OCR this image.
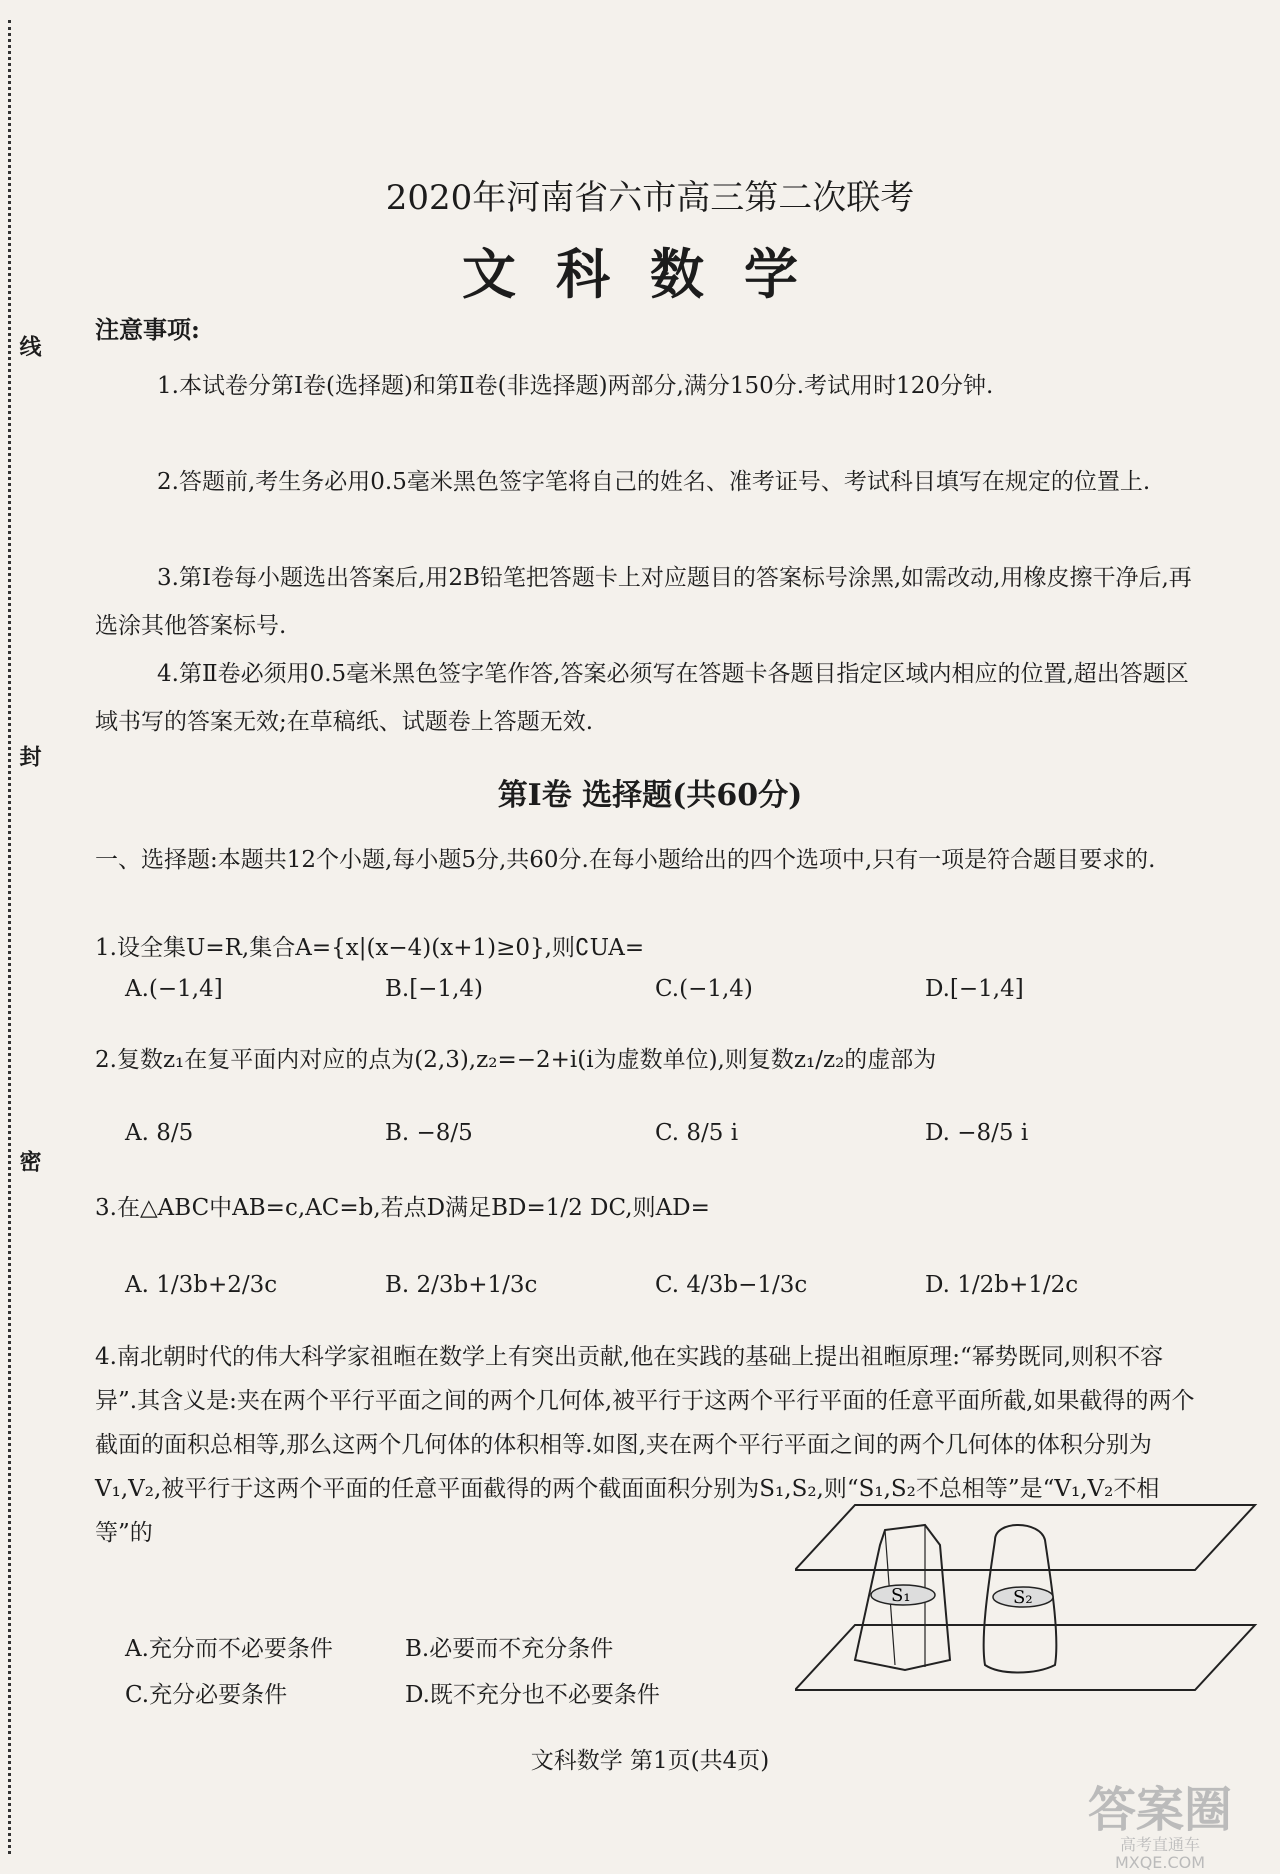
线
封
密
2020年河南省六市高三第二次联考
文科数学
注意事项:
1.本试卷分第Ⅰ卷(选择题)和第Ⅱ卷(非选择题)两部分,满分150分.考试用时120分钟.
2.答题前,考生务必用0.5毫米黑色签字笔将自己的姓名、准考证号、考试科目填写在规定的位置上.
3.第Ⅰ卷每小题选出答案后,用2B铅笔把答题卡上对应题目的答案标号涂黑,如需改动,用橡皮擦干净后,再选涂其他答案标号.
4.第Ⅱ卷必须用0.5毫米黑色签字笔作答,答案必须写在答题卡各题目指定区域内相应的位置,超出答题区域书写的答案无效;在草稿纸、试题卷上答题无效.
第Ⅰ卷 选择题(共60分)
一、选择题:本题共12个小题,每小题5分,共60分.在每小题给出的四个选项中,只有一项是符合题目要求的.
1.设全集U=R,集合A={x|(x−4)(x+1)≥0},则∁UA=
A.(−1,4]	B.[−1,4)	C.(−1,4)	D.[−1,4]
2.复数z₁在复平面内对应的点为(2,3),z₂=−2+i(i为虚数单位),则复数z₁/z₂的虚部为
A. 8/5	B. −8/5	C. 8/5 i	D. −8/5 i
3.在△ABC中AB=c,AC=b,若点D满足BD=1/2 DC,则AD=
A. 1/3b+2/3c	B. 2/3b+1/3c	C. 4/3b−1/3c	D. 1/2b+1/2c
4.南北朝时代的伟大科学家祖暅在数学上有突出贡献,他在实践的基础上提出祖暅原理:“幂势既同,则积不容异”.其含义是:夹在两个平行平面之间的两个几何体,被平行于这两个平行平面的任意平面所截,如果截得的两个截面的面积总相等,那么这两个几何体的体积相等.如图,夹在两个平行平面之间的两个几何体的体积分别为V₁,V₂,被平行于这两个平面的任意平面截得的两个截面面积分别为S₁,S₂,则“S₁,S₂不总相等”是“V₁,V₂不相等”的
A.充分而不必要条件	B.必要而不充分条件
C.充分必要条件	D.既不充分也不必要条件
S₁	S₂
文科数学 第1页(共4页)
答案圈
高考直通车
MXQE.COM
